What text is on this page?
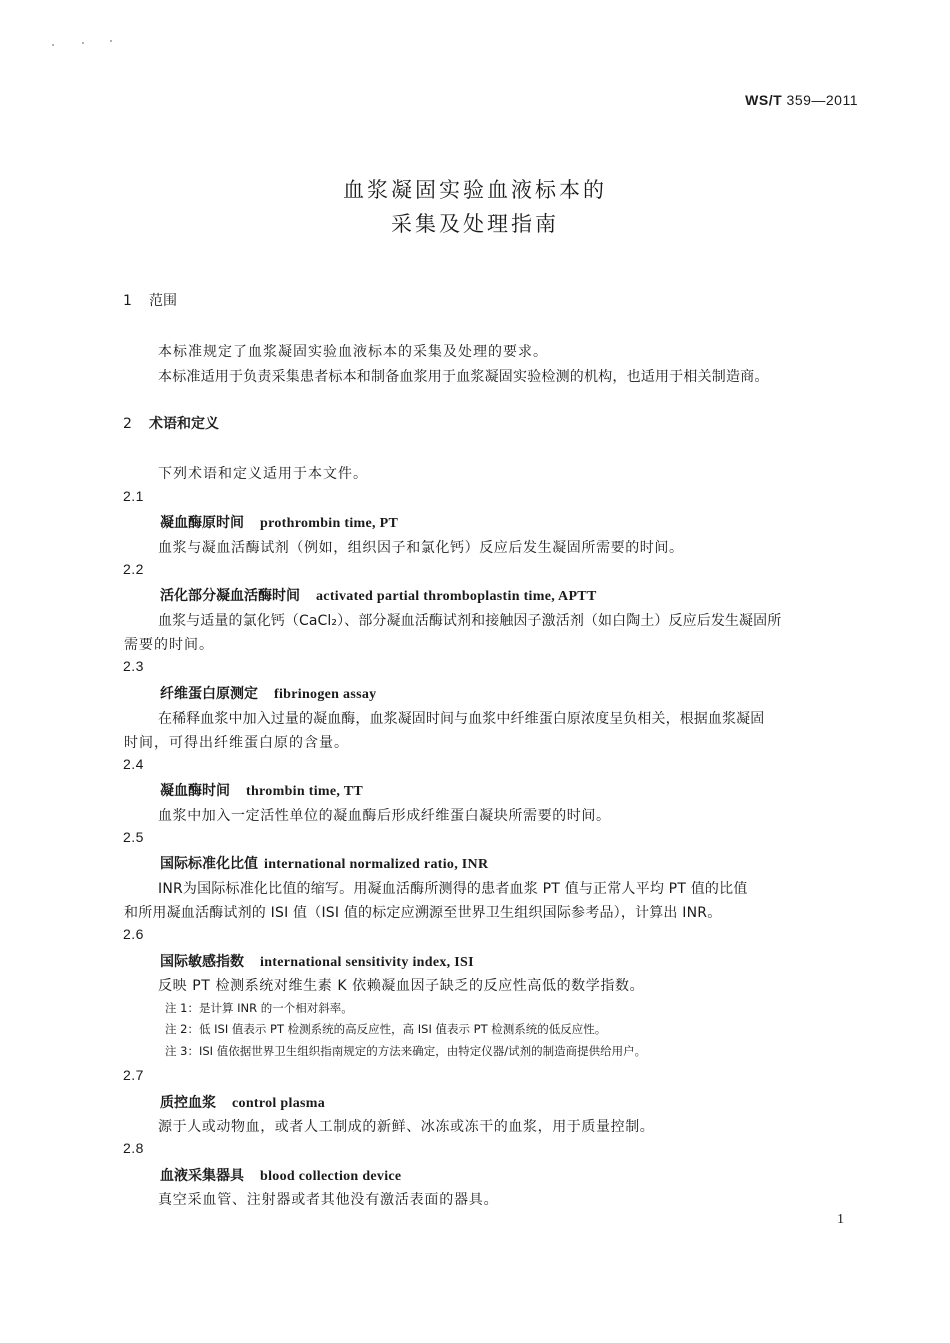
WS/T 359—2011
血浆凝固实验血液标本的
采集及处理指南
1 范围
本标准规定了血浆凝固实验血液标本的采集及处理的要求。
本标准适用于负责采集患者标本和制备血浆用于血浆凝固实验检测的机构，也适用于相关制造商。
2 术语和定义
下列术语和定义适用于本文件。
2.1
凝血酶原时间 prothrombin time, PT
血浆与凝血活酶试剂（例如，组织因子和氯化钙）反应后发生凝固所需要的时间。
2.2
活化部分凝血活酶时间 activated partial thromboplastin time, APTT
血浆与适量的氯化钙（CaCl₂）、部分凝血活酶试剂和接触因子激活剂（如白陶土）反应后发生凝固所
需要的时间。
2.3
纤维蛋白原测定 fibrinogen assay
在稀释血浆中加入过量的凝血酶，血浆凝固时间与血浆中纤维蛋白原浓度呈负相关，根据血浆凝固
时间，可得出纤维蛋白原的含量。
2.4
凝血酶时间 thrombin time, TT
血浆中加入一定活性单位的凝血酶后形成纤维蛋白凝块所需要的时间。
2.5
国际标准化比值 international normalized ratio, INR
INR为国际标准化比值的缩写。用凝血活酶所测得的患者血浆 PT 值与正常人平均 PT 值的比值
和所用凝血活酶试剂的 ISI 值（ISI 值的标定应溯源至世界卫生组织国际参考品），计算出 INR。
2.6
国际敏感指数 international sensitivity index, ISI
反映 PT 检测系统对维生素 K 依赖凝血因子缺乏的反应性高低的数学指数。
注 1：是计算 INR 的一个相对斜率。
注 2：低 ISI 值表示 PT 检测系统的高反应性，高 ISI 值表示 PT 检测系统的低反应性。
注 3：ISI 值依据世界卫生组织指南规定的方法来确定，由特定仪器/试剂的制造商提供给用户。
2.7
质控血浆 control plasma
源于人或动物血，或者人工制成的新鲜、冰冻或冻干的血浆，用于质量控制。
2.8
血液采集器具 blood collection device
真空采血管、注射器或者其他没有激活表面的器具。
1
